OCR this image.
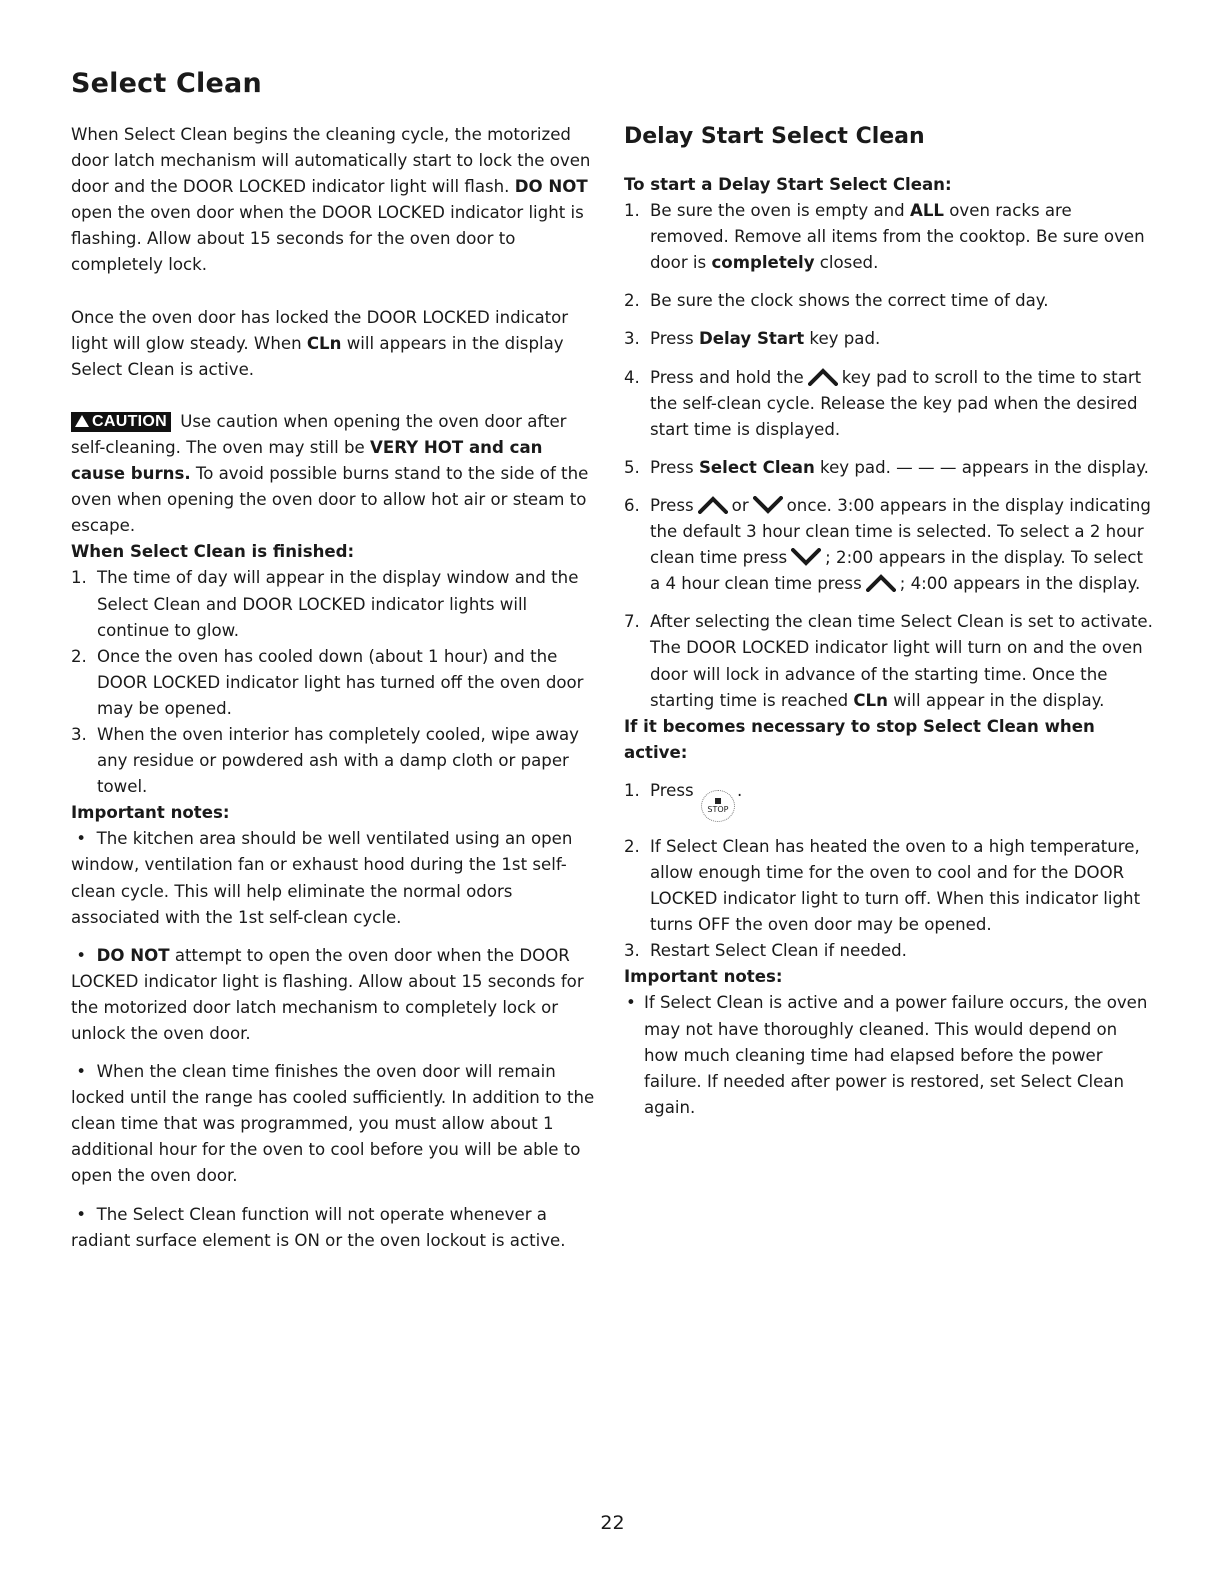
Select Clean

When Select Clean begins the cleaning cycle, the motorized door latch mechanism will automatically start to lock the oven door and the DOOR LOCKED indicator light will flash. DO NOT open the oven door when the DOOR LOCKED indicator light is flashing. Allow about 15 seconds for the oven door to completely lock.

Once the oven door has locked the DOOR LOCKED indicator light will glow steady. When CLn will appears in the display Select Clean is active.

CAUTION Use caution when opening the oven door after self-cleaning. The oven may still be VERY HOT and can cause burns. To avoid possible burns stand to the side of the oven when opening the oven door to allow hot air or steam to escape.

When Select Clean is finished:

1. The time of day will appear in the display window and the Select Clean and DOOR LOCKED indicator lights will continue to glow.
2. Once the oven has cooled down (about 1 hour) and the DOOR LOCKED indicator light has turned off the oven door may be opened.
3. When the oven interior has completely cooled, wipe away any residue or powdered ash with a damp cloth or paper towel.

Important notes:

•  The kitchen area should be well ventilated using an open window, ventilation fan or exhaust hood during the 1st self-clean cycle. This will help eliminate the normal odors associated with the 1st self-clean cycle.
•  DO NOT attempt to open the oven door when the DOOR LOCKED indicator light is flashing. Allow about 15 seconds for the motorized door latch mechanism to completely lock or unlock the oven door.
•  When the clean time finishes the oven door will remain locked until the range has cooled sufficiently. In addition to the clean time that was programmed, you must allow about 1 additional hour for the oven to cool before you will be able to open the oven door.
•  The Select Clean function will not operate whenever a radiant surface element is ON or the oven lockout is active.
Delay Start Select Clean

To start a Delay Start Select Clean:

1. Be sure the oven is empty and ALL oven racks are removed. Remove all items from the cooktop. Be sure oven door is completely closed.
2. Be sure the clock shows the correct time of day.
3. Press Delay Start key pad.
4. Press and hold the key pad to scroll to the time to start the self-clean cycle. Release the key pad when the desired start time is displayed.
5. Press Select Clean key pad. — — — appears in the display.
6. Press or once. 3:00 appears in the display indicating the default 3 hour clean time is selected. To select a 2 hour clean time press ; 2:00 appears in the display. To select a 4 hour clean time press ; 4:00 appears in the display.
7. After selecting the clean time Select Clean is set to activate. The DOOR LOCKED indicator light will turn on and the oven door will lock in advance of the starting time. Once the starting time is reached CLn will appear in the display.

If it becomes necessary to stop Select Clean when active:

1. Press
STOP
.
2. If Select Clean has heated the oven to a high temperature, allow enough time for the oven to cool and for the DOOR LOCKED indicator light to turn off. When this indicator light turns OFF the oven door may be opened.
3. Restart Select Clean if needed.

Important notes:

• If Select Clean is active and a power failure occurs, the oven may not have thoroughly cleaned. This would depend on how much cleaning time had elapsed before the power failure. If needed after power is restored, set Select Clean again.
22
